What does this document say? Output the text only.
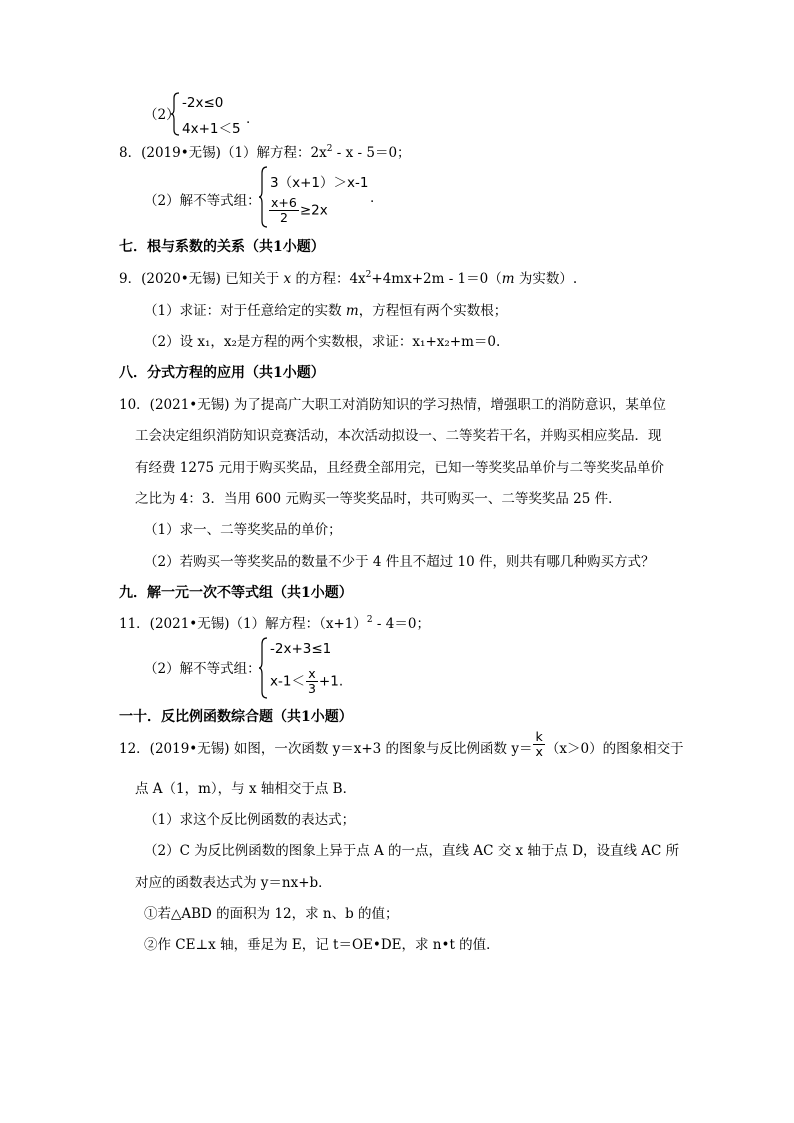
（2）
-2x≤0
4x+1＜5
.
8．(2019•无锡)（1）解方程：$2x^2 - x - 5=0$；
（2）解不等式组：
3（x+1）＞x-1
$\frac{x+6}{2} \ge 2x$
.
七．根与系数的关系（共1小题）
9．(2020•无锡) 已知关于 x 的方程：$4x^2+4mx+2m - 1=0(m$ 为实数）.
（1）求证：对于任意给定的实数 m，方程恒有两个实数根；
（2）设 x₁，x₂是方程的两个实数根，求证：x₁+x₂+m＝0.
八．分式方程的应用（共1小题）
10．(2021•无锡) 为了提高广大职工对消防知识的学习热情，增强职工的消防意识，某单位
工会决定组织消防知识竞赛活动，本次活动拟设一、二等奖若干名，并购买相应奖品．现
有经费 1275 元用于购买奖品，且经费全部用完，已知一等奖奖品单价与二等奖奖品单价
之比为 4：3．当用 600 元购买一等奖奖品时，共可购买一、二等奖奖品 25 件．
（1）求一、二等奖奖品的单价；
（2）若购买一等奖奖品的数量不少于 4 件且不超过 10 件，则共有哪几种购买方式？
九．解一元一次不等式组（共1小题）
11．(2021•无锡)（1）解方程：$(x+1)^2 - 4=0$；
（2）解不等式组：
-2x+3≤1
$x-1< \frac{x}{3} +1$.
一十．反比例函数综合题（共1小题）
12．(2019•无锡) 如图，一次函数 y＝x+3 的图象与反比例函数 $y= \frac{k}{x} (x>0)$的图象相交于
点 A（1，m），与 x 轴相交于点 B．
（1）求这个反比例函数的表达式；
（2）C 为反比例函数的图象上异于点 A 的一点，直线 AC 交 x 轴于点 D，设直线 AC 所
对应的函数表达式为 y＝nx+b．
①若△ABD 的面积为 12，求 n、b 的值；
②作 CE⊥x 轴，垂足为 E，记 t＝OE•DE，求 n•t 的值．
